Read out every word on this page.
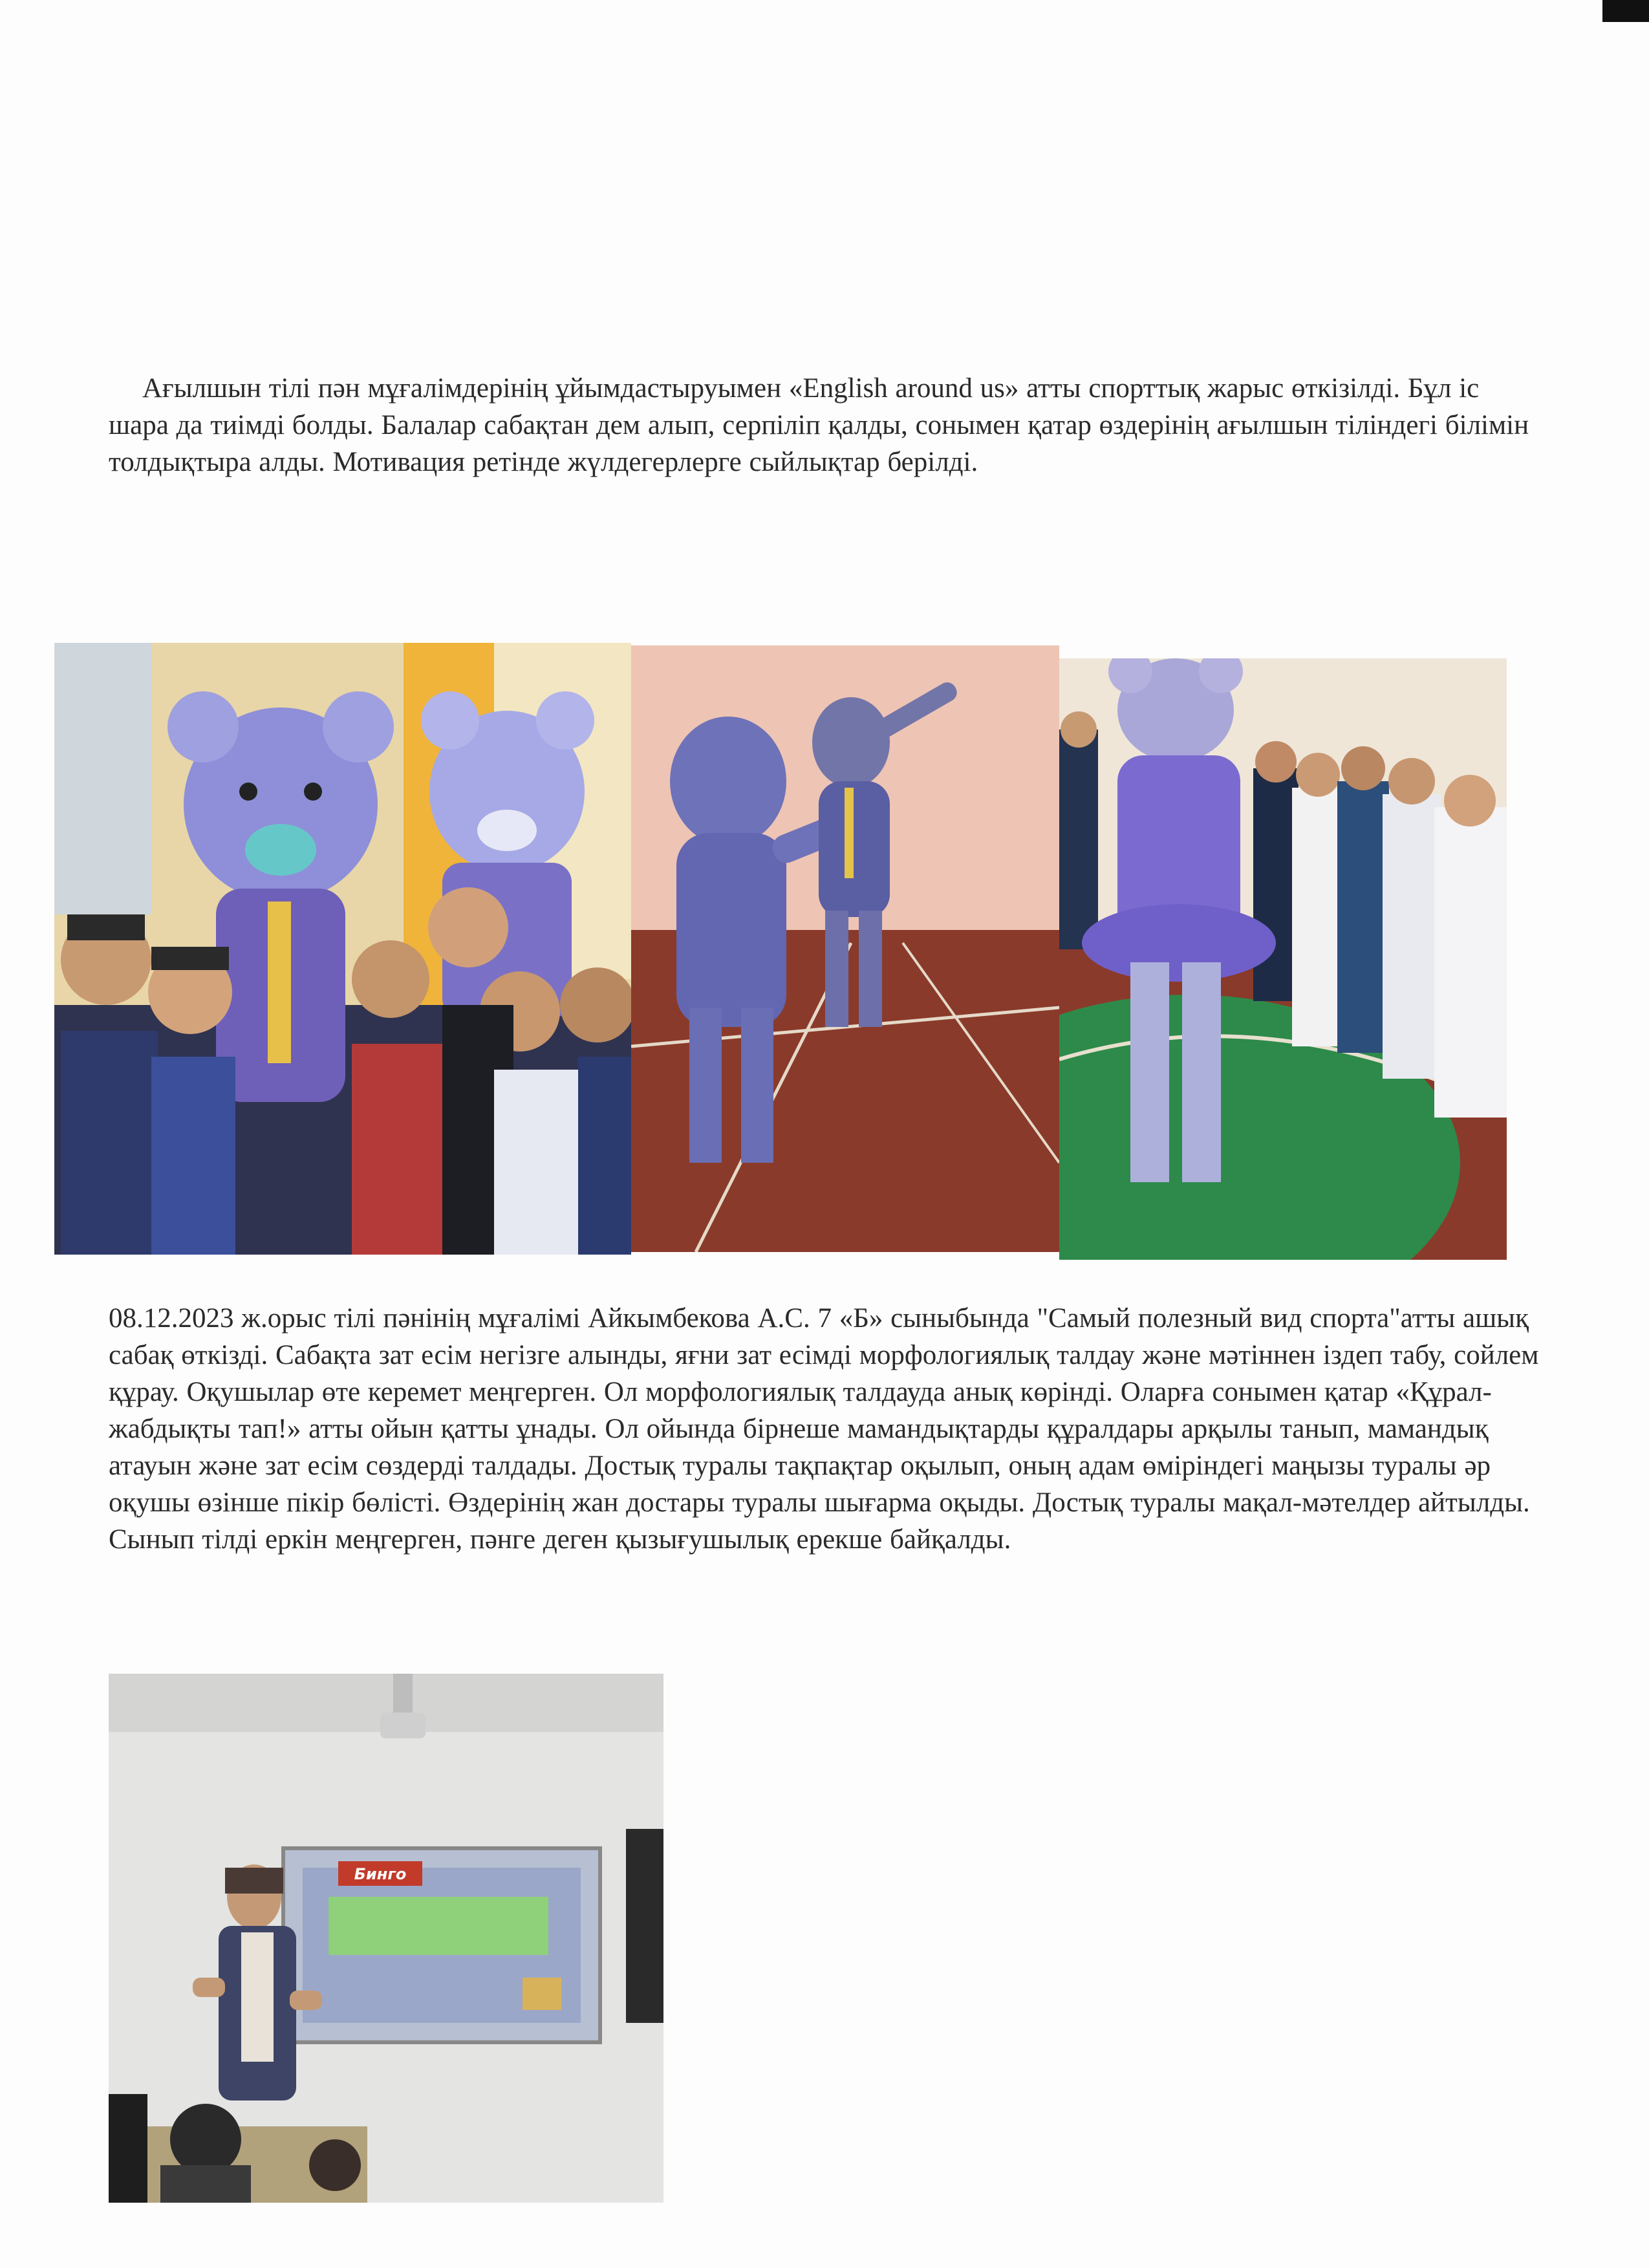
Ағылшын тілі пән мұғалімдерінің ұйымдастыруымен «English around us» атты спорттық жарыс өткізілді. Бұл іс шара да тиімді болды. Балалар сабақтан дем алып, серпіліп қалды, сонымен қатар өздерінің ағылшын тіліндегі білімін толдықтыра алды. Мотивация ретінде жүлдегерлерге сыйлықтар берілді.

08.12.2023 ж.орыс тілі пәнінің мұғалімі Айкымбекова А.С. 7 «Б» сыныбында "Самый полезный вид спорта"атты ашық сабақ өткізді. Сабақта зат есім негізге алынды, яғни зат есімді морфологиялық талдау және мәтіннен іздеп табу, сойлем құрау. Оқушылар өте керемет меңгерген. Ол морфологиялық талдауда анық көрінді. Оларға сонымен қатар «Құрал-жабдықты тап!» атты ойын қатты ұнады. Ол ойында бірнеше мамандықтарды құралдары арқылы танып, мамандық атауын және зат есім сөздерді талдады. Достық туралы тақпақтар оқылып, оның адам өміріндегі маңызы туралы әр оқушы өзінше пікір бөлісті. Өздерінің жан достары туралы шығарма оқыды. Достық туралы мақал-мәтелдер айтылды. Сынып тілді еркін меңгерген, пәнге деген қызығушылық ерекше байқалды.

Бинго
